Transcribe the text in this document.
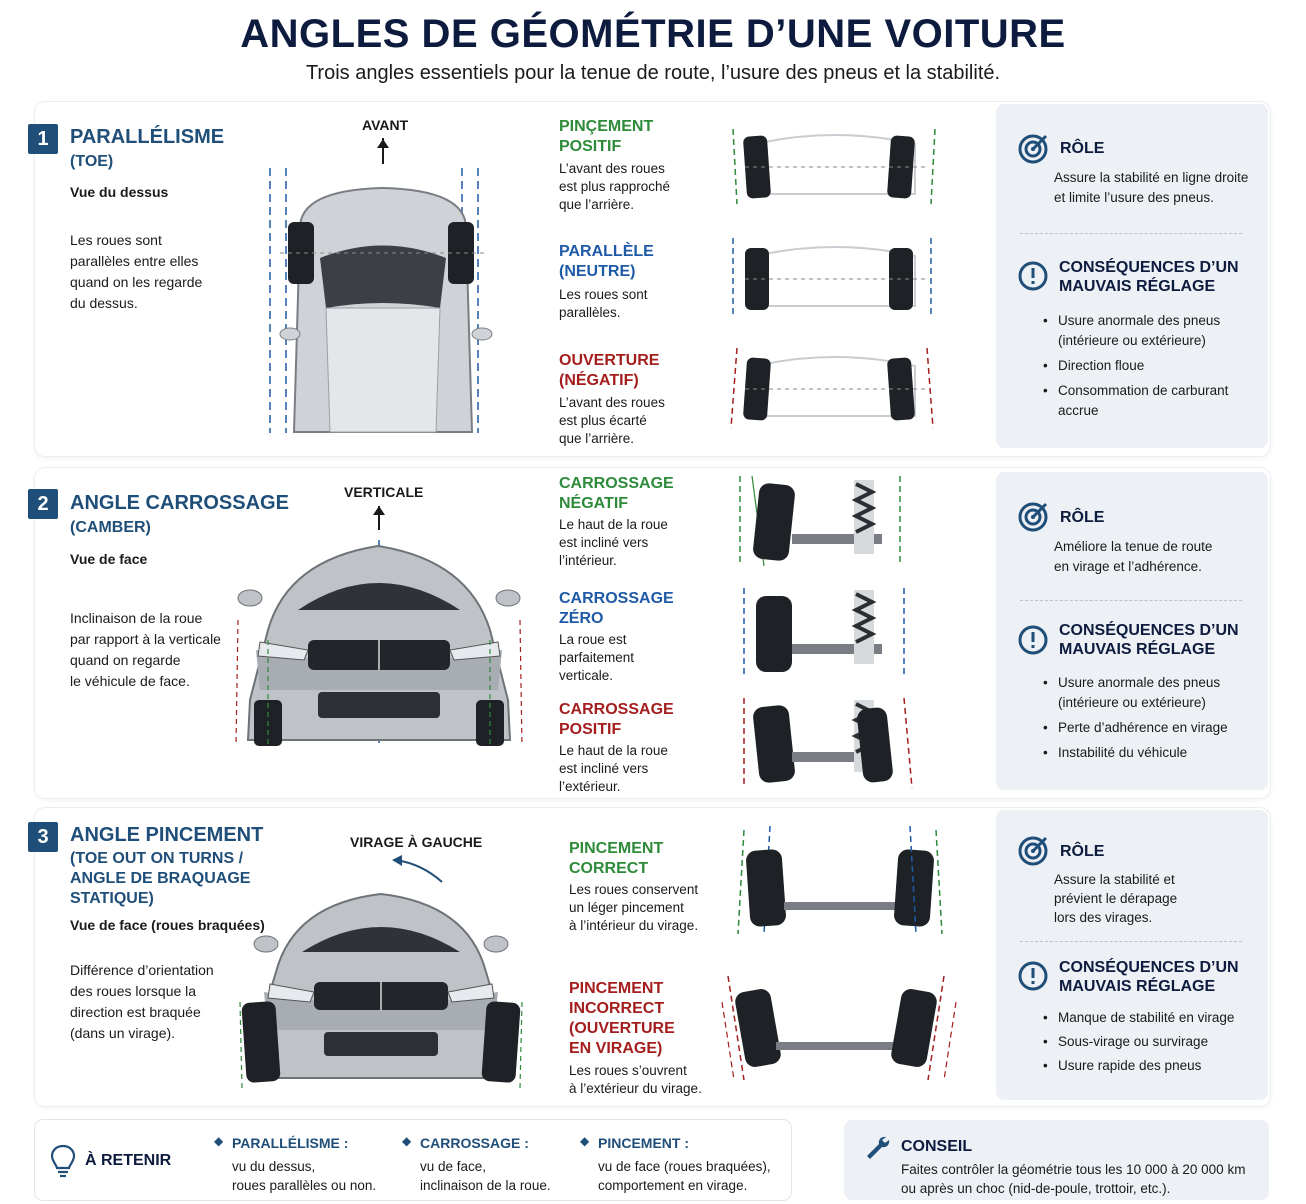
ANGLES DE GÉOMÉTRIE D’UNE VOITURE
Trois angles essentiels pour la tenue de route, l’usure des pneus et la stabilité.
1	PARALLÉLISME
(TOE)
Vue du dessus
Les roues sont
parallèles entre elles
quand on les regarde
du dessus.
AVANT	PINÇEMENT
POSITIF
L’avant des roues
est plus rapproché
que l’arrière.
PARALLÈLE
(NEUTRE)
Les roues sont
parallèles.
OUVERTURE
(NÉGATIF)
L’avant des roues
est plus écarté
que l’arrière.
RÔLE
Assure la stabilité en ligne droite
et limite l’usure des pneus.
CONSÉQUENCES D’UN
MAUVAIS RÉGLAGE
• Usure anormale des pneus
(intérieure ou extérieure)
• Direction floue
• Consommation de carburant
accrue
2	ANGLE CARROSSAGE
(CAMBER)
Vue de face
Inclinaison de la roue
par rapport à la verticale
quand on regarde
le véhicule de face.
VERTICALE	CARROSSAGE
NÉGATIF
Le haut de la roue
est incliné vers
l’intérieur.
CARROSSAGE
ZÉRO
La roue est
parfaitement
verticale.
CARROSSAGE
POSITIF
Le haut de la roue
est incliné vers
l’extérieur.
RÔLE
Améliore la tenue de route
en virage et l’adhérence.
CONSÉQUENCES D’UN
MAUVAIS RÉGLAGE
• Usure anormale des pneus
(intérieure ou extérieure)
• Perte d’adhérence en virage
• Instabilité du véhicule
3	ANGLE PINCEMENT
(TOE OUT ON TURNS /
ANGLE DE BRAQUAGE
STATIQUE)
Vue de face (roues braquées)
Différence d’orientation
des roues lorsque la
direction est braquée
(dans un virage).
VIRAGE À GAUCHE	PINCEMENT
CORRECT
Les roues conservent
un léger pincement
à l’intérieur du virage.
PINCEMENT
INCORRECT
(OUVERTURE
EN VIRAGE)
Les roues s’ouvrent
à l’extérieur du virage.
RÔLE
Assure la stabilité et
prévient le dérapage
lors des virages.
CONSÉQUENCES D’UN
MAUVAIS RÉGLAGE
• Manque de stabilité en virage
• Sous-virage ou survirage
• Usure rapide des pneus
À RETENIR
◆ PARALLÉLISME :
vu du dessus,
roues parallèles ou non.
◆ CARROSSAGE :
vu de face,
inclinaison de la roue.
◆ PINCEMENT :
vu de face (roues braquées),
comportement en virage.
CONSEIL
Faites contrôler la géométrie tous les 10 000 à 20 000 km
ou après un choc (nid-de-poule, trottoir, etc.).
